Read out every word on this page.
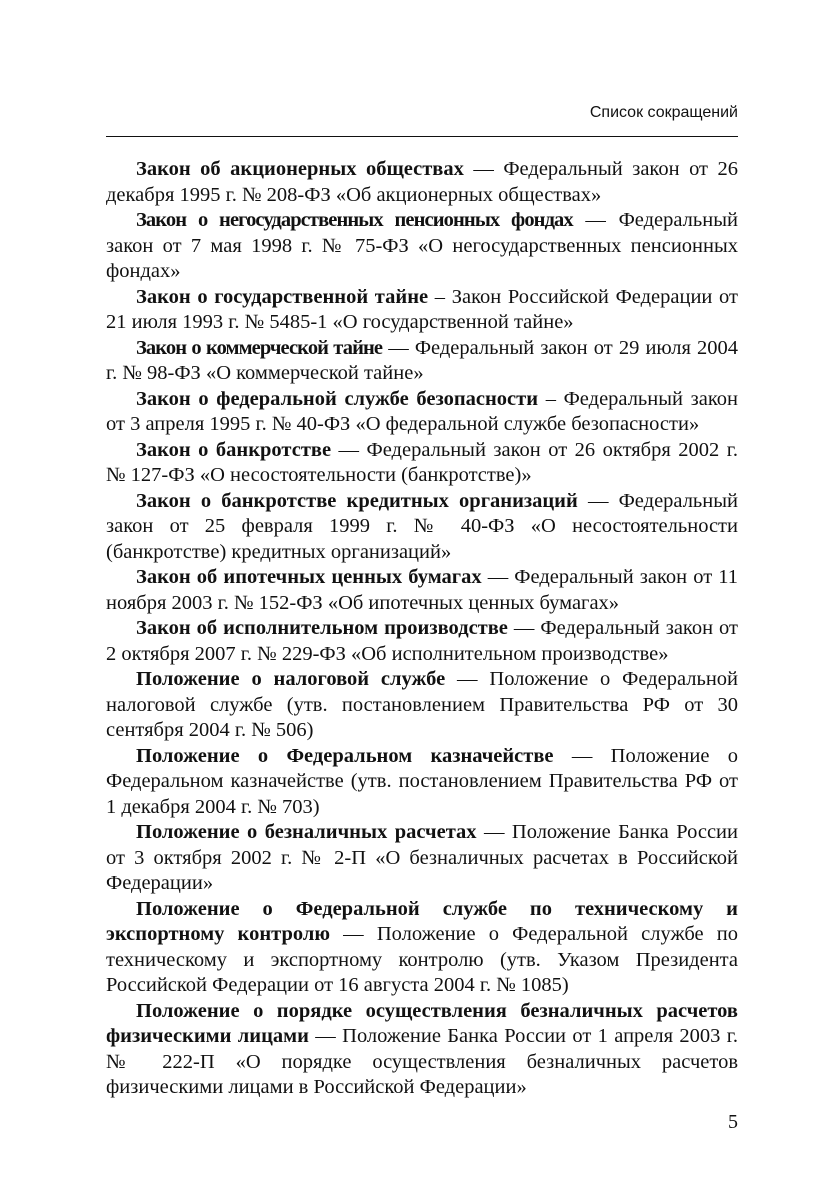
Список сокращений

Закон об акционерных обществах — Федеральный закон от 26 декабря 1995 г. № 208-ФЗ «Об акционерных обществах»

Закон о негосударственных пенсионных фондах — Федеральный закон от 7 мая 1998 г. № 75-ФЗ «О негосударственных пенсионных фондах»

Закон о государственной тайне – Закон Российской Федерации от 21 июля 1993 г. № 5485-1 «О государственной тайне»

Закон о коммерческой тайне — Федеральный закон от 29 июля 2004 г. № 98-ФЗ «О коммерческой тайне»

Закон о федеральной службе безопасности – Федеральный закон от 3 апреля 1995 г. № 40-ФЗ «О федеральной службе безопасности»

Закон о банкротстве — Федеральный закон от 26 октября 2002 г. № 127-ФЗ «О несостоятельности (банкротстве)»

Закон о банкротстве кредитных организаций — Федеральный закон от 25 февраля 1999 г. № 40-ФЗ «О несостоятельности (банкротстве) кредитных организаций»

Закон об ипотечных ценных бумагах — Федеральный закон от 11 ноября 2003 г. № 152-ФЗ «Об ипотечных ценных бумагах»

Закон об исполнительном производстве — Федеральный закон от 2 октября 2007 г. № 229-ФЗ «Об исполнительном производстве»

Положение о налоговой службе — Положение о Федеральной налоговой службе (утв. постановлением Правительства РФ от 30 сентября 2004 г. № 506)

Положение о Федеральном казначействе — Положение о Федеральном казначействе (утв. постановлением Правительства РФ от 1 декабря 2004 г. № 703)

Положение о безналичных расчетах — Положение Банка России от 3 октября 2002 г. № 2-П «О безналичных расчетах в Российской Федерации»

Положение о Федеральной службе по техническому и экспортному контролю — Положение о Федеральной службе по техническому и экспортному контролю (утв. Указом Президента Российской Федерации от 16 августа 2004 г. № 1085)

Положение о порядке осуществления безналичных расчетов физическими лицами — Положение Банка России от 1 апреля 2003 г. № 222-П «О порядке осуществления безналичных расчетов физическими лицами в Российской Федерации»

5
